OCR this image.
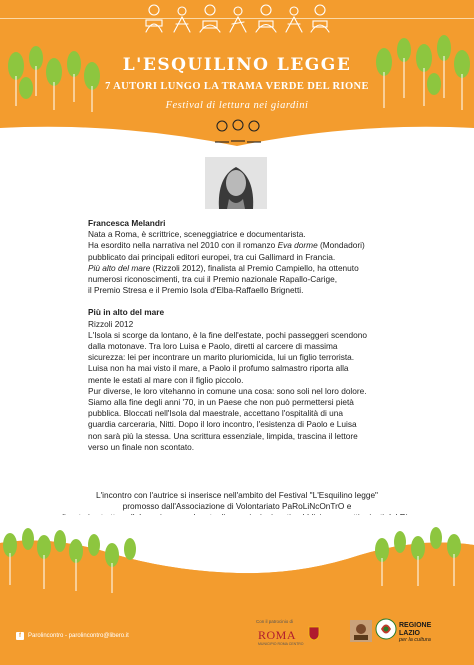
L'ESQUILINO LEGGE
7 AUTORI LUNGO LA TRAMA VERDE DEL RIONE
Festival di lettura nei giardini

Francesca Melandri

Nata a Roma, è scrittrice, sceneggiatrice e documentarista.

Ha esordito nella narrativa nel 2010 con il romanzo Eva dorme (Mondadori)

pubblicato dai principali editori europei, tra cui Gallimard in Francia.

Più alto del mare (Rizzoli 2012), finalista al Premio Campiello, ha ottenuto

numerosi riconoscimenti, tra cui il Premio nazionale Rapallo-Carige,

il Premio Stresa e il Premio Isola d'Elba-Raffaello Brignetti.

Più in alto del mare

Rizzoli 2012

L'Isola si scorge da lontano, è la fine dell'estate, pochi passeggeri scendono

dalla motonave. Tra loro Luisa e Paolo, diretti al carcere di massima

sicurezza: lei per incontrare un marito pluriomicida, lui un figlio terrorista.

Luisa non ha mai visto il mare, a Paolo il profumo salmastro riporta alla

mente le estati al mare con il figlio piccolo.

Pur diverse, le loro vitehanno in comune una cosa: sono soli nel loro dolore.

Siamo alla fine degli anni '70, in un Paese che non può permettersi pietà

pubblica. Bloccati nell'Isola dal maestrale, accettano l'ospitalità di una

guardia carceraria, Nitti. Dopo il loro incontro, l'esistenza di Paolo e Luisa

non sarà più la stessa. Una scrittura essenziale, limpida, trascina il lettore

verso un finale non scontato.

L'incontro con l'autrice si inserisce nell'ambito del Festival "L'Esquilino legge"

promosso dall'Associazione di Volontariato PaRoLiNcOnTrO e

f	Parolincontro - parolincontro@libero.it
Con il patrocinio di
ROMA
MUNICIPIO ROMA CENTRO
REGIONE
LAZIO
per la cultura
